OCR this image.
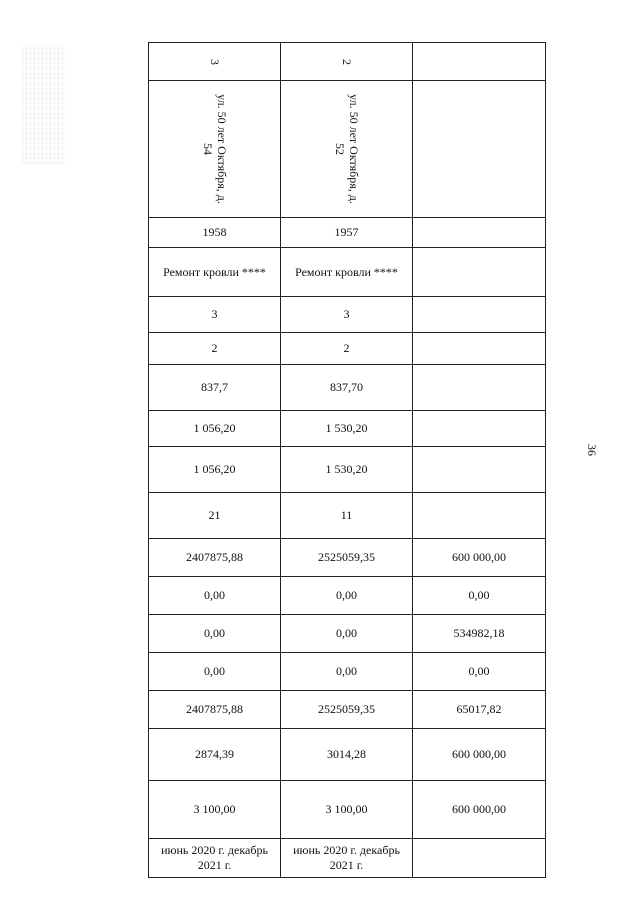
36
3	2	

ул. 50 лет Октября, д. 54	ул. 50 лет Октября, д. 52	

1958	1957	
Ремонт кровли ****	Ремонт кровли ****	
3	3	
2	2	
837,7	837,70	
1 056,20	1 530,20	
1 056,20	1 530,20	
21	11	
2407875,88	2525059,35	600 000,00
0,00	0,00	0,00
0,00	0,00	534982,18
0,00	0,00	0,00
2407875,88	2525059,35	65017,82
2874,39	3014,28	600 000,00
3 100,00	3 100,00	600 000,00

июнь 2020 г. декабрь 2021 г.	июнь 2020 г. декабрь 2021 г.	
